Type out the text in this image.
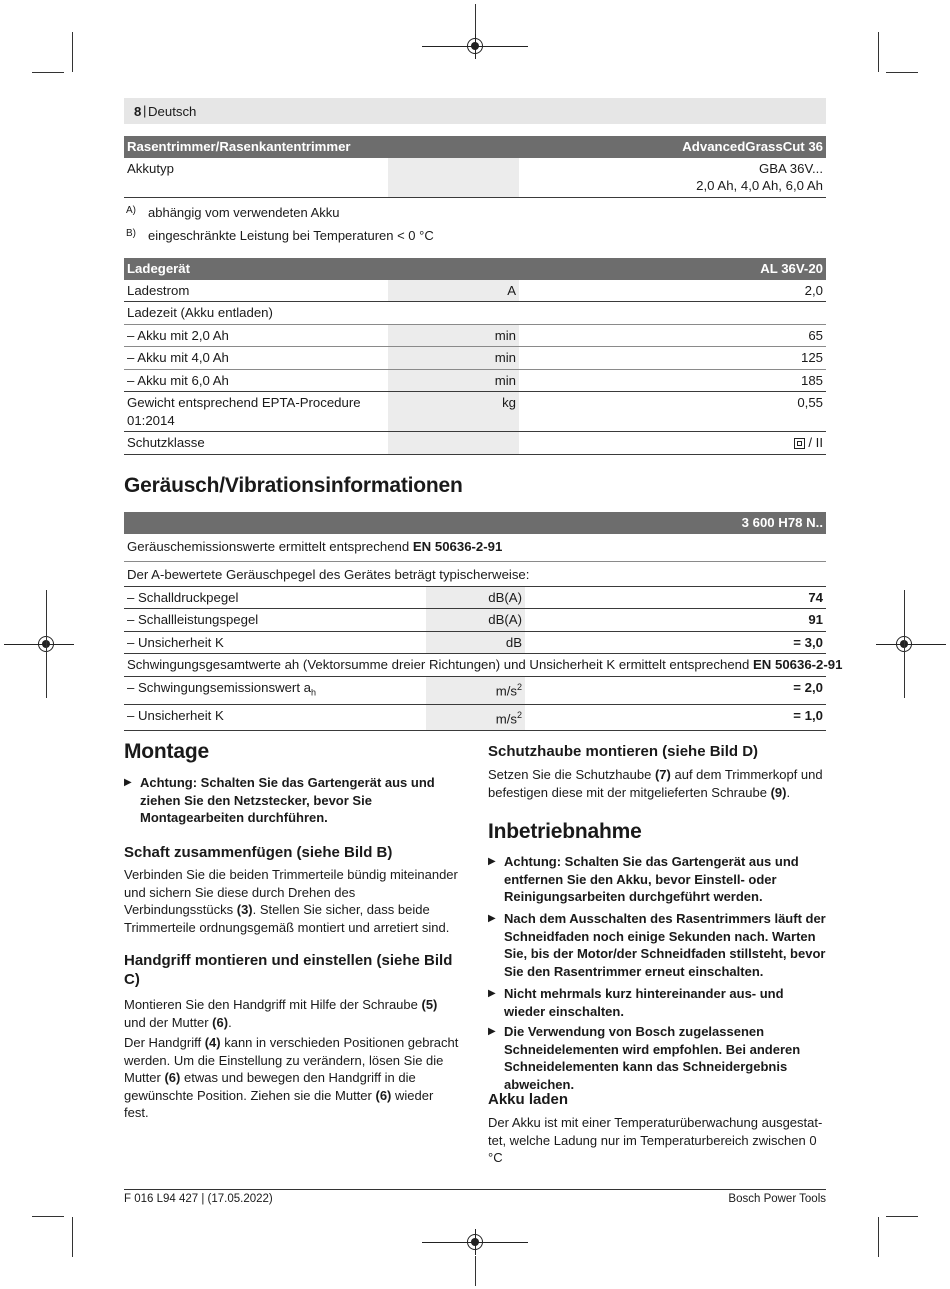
8 | Deutsch
Rasentrimmer/Rasenkantentrimmer		AdvancedGrassCut 36
Akkutyp		GBA 36V...
2,0 Ah, 4,0 Ah, 6,0 Ah
$^{A)}$ abhängig vom verwendeten Akku
$^{B)}$ eingeschränkte Leistung bei Temperaturen < 0 °C
Ladegerät		AL 36V-20
Ladestrom	A	2,0
Ladezeit (Akku entladen)		
– Akku mit 2,0 Ah	min	65
– Akku mit 4,0 Ah	min	125
– Akku mit 6,0 Ah	min	185
Gewicht entsprechend EPTA-Procedure 01:2014	kg	0,55
Schutzklasse		/ II
Geräusch/Vibrationsinformationen
		3 600 H78 N..
Geräuschemissionswerte ermittelt entsprechend EN 50636-2-91		
Der A-bewertete Geräuschpegel des Gerätes beträgt typischerweise:		
– Schalldruckpegel	dB(A)	74
– Schallleistungspegel	dB(A)	91
– Unsicherheit K	dB	= 3,0
Schwingungsgesamtwerte ah (Vektorsumme dreier Richtungen) und Unsicherheit K ermittelt entsprechend EN 50636-2-91		
– Schwingungsemissionswert $a_h$	$m/s^2$	= 2,0
– Unsicherheit K	$m/s^2$	= 1,0
Montage
▶ Achtung: Schalten Sie das Gartengerät aus und ziehen Sie den Netzstecker, bevor Sie Montagearbeiten durchführen.
Schaft zusammenfügen (siehe Bild B)

Verbinden Sie die beiden Trimmerteile bündig miteinander und sichern Sie diese durch Drehen des Verbindungsstücks (3). Stellen Sie sicher, dass beide Trimmerteile ordnungsgemäß montiert und arretiert sind.

Handgriff montieren und einstellen (siehe Bild C)

Montieren Sie den Handgriff mit Hilfe der Schraube (5) und der Mutter (6).

Der Handgriff (4) kann in verschieden Positionen gebracht werden. Um die Einstellung zu verändern, lösen Sie die Mutter (6) etwas und bewegen den Handgriff in die gewünschte Position. Ziehen sie die Mutter (6) wieder fest.

Schutzhaube montieren (siehe Bild D)

Setzen Sie die Schutzhaube (7) auf dem Trimmerkopf und befestigen diese mit der mitgelieferten Schraube (9).

Inbetriebnahme
▶ Achtung: Schalten Sie das Gartengerät aus und entfernen Sie den Akku, bevor Einstell- oder Reinigungsarbeiten durchgeführt werden.
▶ Nach dem Ausschalten des Rasentrimmers läuft der Schneidfaden noch einige Sekunden nach. Warten Sie, bis der Motor/der Schneidfaden stillsteht, bevor Sie den Rasentrimmer erneut einschalten.
▶ Nicht mehrmals kurz hintereinander aus- und wieder einschalten.
▶ Die Verwendung von Bosch zugelassenen Schneidelementen wird empfohlen. Bei anderen Schneidelementen kann das Schneidergebnis abweichen.
Akku laden

Der Akku ist mit einer Temperaturüberwachung ausgestattet, welche Ladung nur im Temperaturbereich zwischen 0 °C

F 016 L94 427 | (17.05.2022)	Bosch Power Tools
